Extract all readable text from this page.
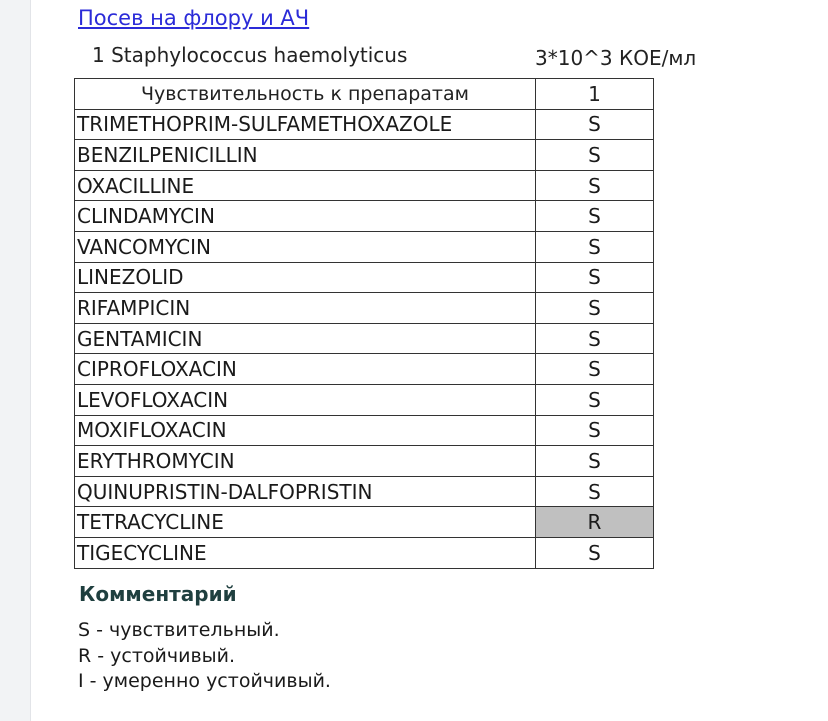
Посев на флору и АЧ
1 Staphylococcus haemolyticus	3*10^3 КОЕ/мл
Чувствительность к препаратам	1
TRIMETHOPRIM-SULFAMETHOXAZOLE	S
BENZILPENICILLIN	S
OXACILLINE	S
CLINDAMYCIN	S
VANCOMYCIN	S
LINEZOLID	S
RIFAMPICIN	S
GENTAMICIN	S
CIPROFLOXACIN	S
LEVOFLOXACIN	S
MOXIFLOXACIN	S
ERYTHROMYCIN	S
QUINUPRISTIN-DALFOPRISTIN	S
TETRACYCLINE	R
TIGECYCLINE	S
Комментарий
S - чувствительный.
R - устойчивый.
I - умеренно устойчивый.
